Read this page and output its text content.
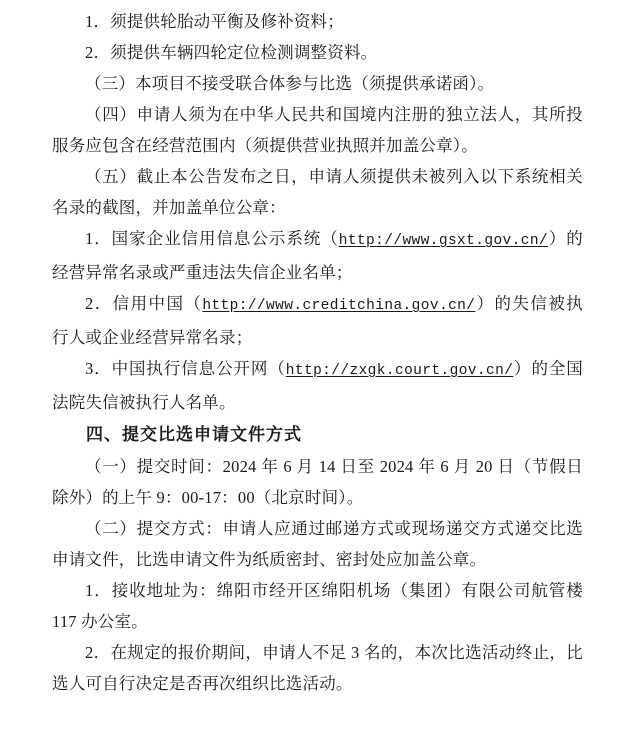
1．须提供轮胎动平衡及修补资料；

2．须提供车辆四轮定位检测调整资料。

（三）本项目不接受联合体参与比选（须提供承诺函）。

（四）申请人须为在中华人民共和国境内注册的独立法人，其所投服务应包含在经营范围内（须提供营业执照并加盖公章）。

（五）截止本公告发布之日，申请人须提供未被列入以下系统相关名录的截图，并加盖单位公章：

1．国家企业信用信息公示系统（http://www.gsxt.gov.cn/）的经营异常名录或严重违法失信企业名单；

2．信用中国（http://www.creditchina.gov.cn/）的失信被执行人或企业经营异常名录；

3．中国执行信息公开网（http://zxgk.court.gov.cn/）的全国法院失信被执行人名单。

四、提交比选申请文件方式

（一）提交时间：2024 年 6 月 14 日至 2024 年 6 月 20 日（节假日除外）的上午 9：00-17：00（北京时间）。

（二）提交方式：申请人应通过邮递方式或现场递交方式递交比选申请文件，比选申请文件为纸质密封、密封处应加盖公章。

1．接收地址为：绵阳市经开区绵阳机场（集团）有限公司航管楼 117 办公室。

2．在规定的报价期间，申请人不足 3 名的，本次比选活动终止，比选人可自行决定是否再次组织比选活动。
